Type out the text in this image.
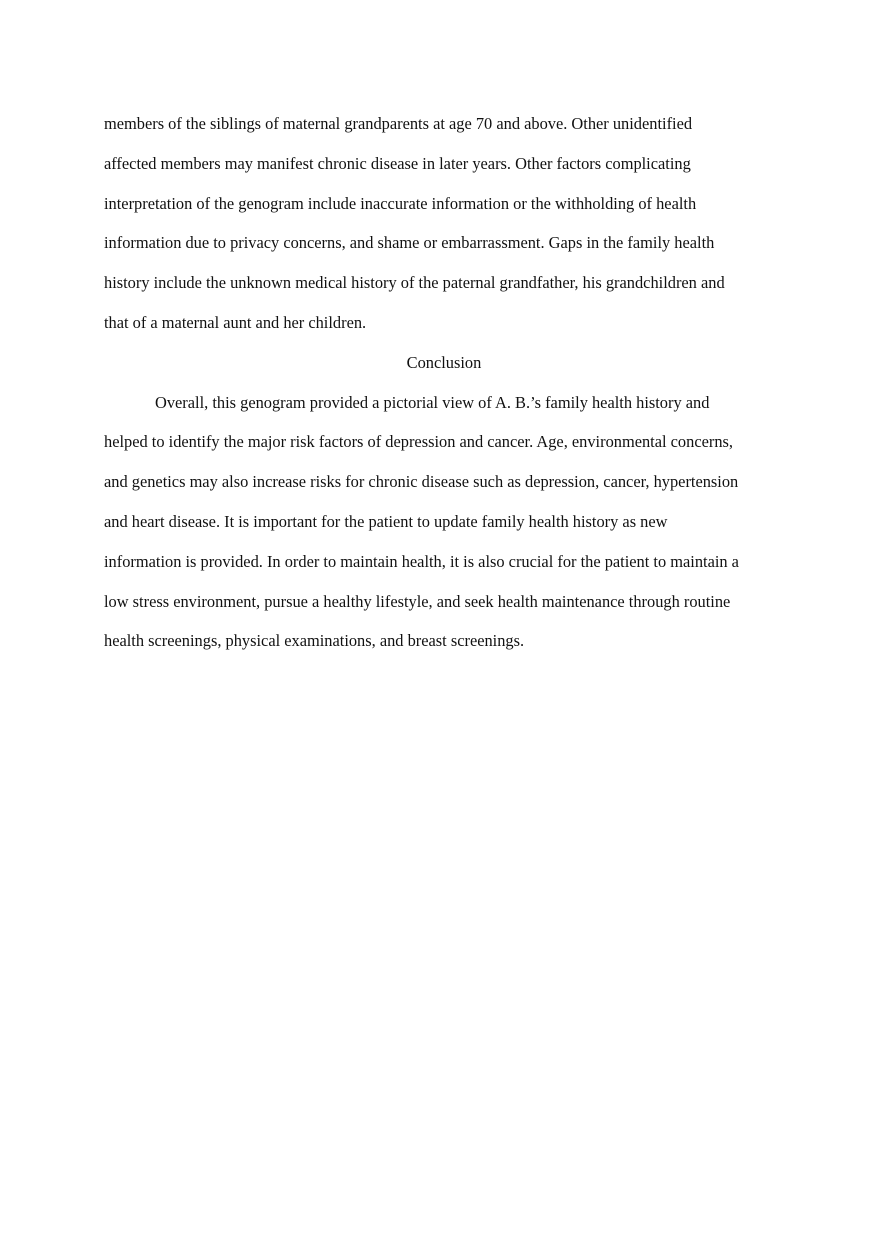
members of the siblings of maternal grandparents at age 70 and above. Other unidentified
affected members may manifest chronic disease in later years. Other factors complicating
interpretation of the genogram include inaccurate information or the withholding of health
information due to privacy concerns, and shame or embarrassment. Gaps in the family health
history include the unknown medical history of the paternal grandfather, his grandchildren and
that of a maternal aunt and her children.
Conclusion
Overall, this genogram provided a pictorial view of A. B.’s family health history and
helped to identify the major risk factors of depression and cancer. Age, environmental concerns,
and genetics may also increase risks for chronic disease such as depression, cancer, hypertension
and heart disease. It is important for the patient to update family health history as new
information is provided. In order to maintain health, it is also crucial for the patient to maintain a
low stress environment, pursue a healthy lifestyle, and seek health maintenance through routine
health screenings, physical examinations, and breast screenings.
